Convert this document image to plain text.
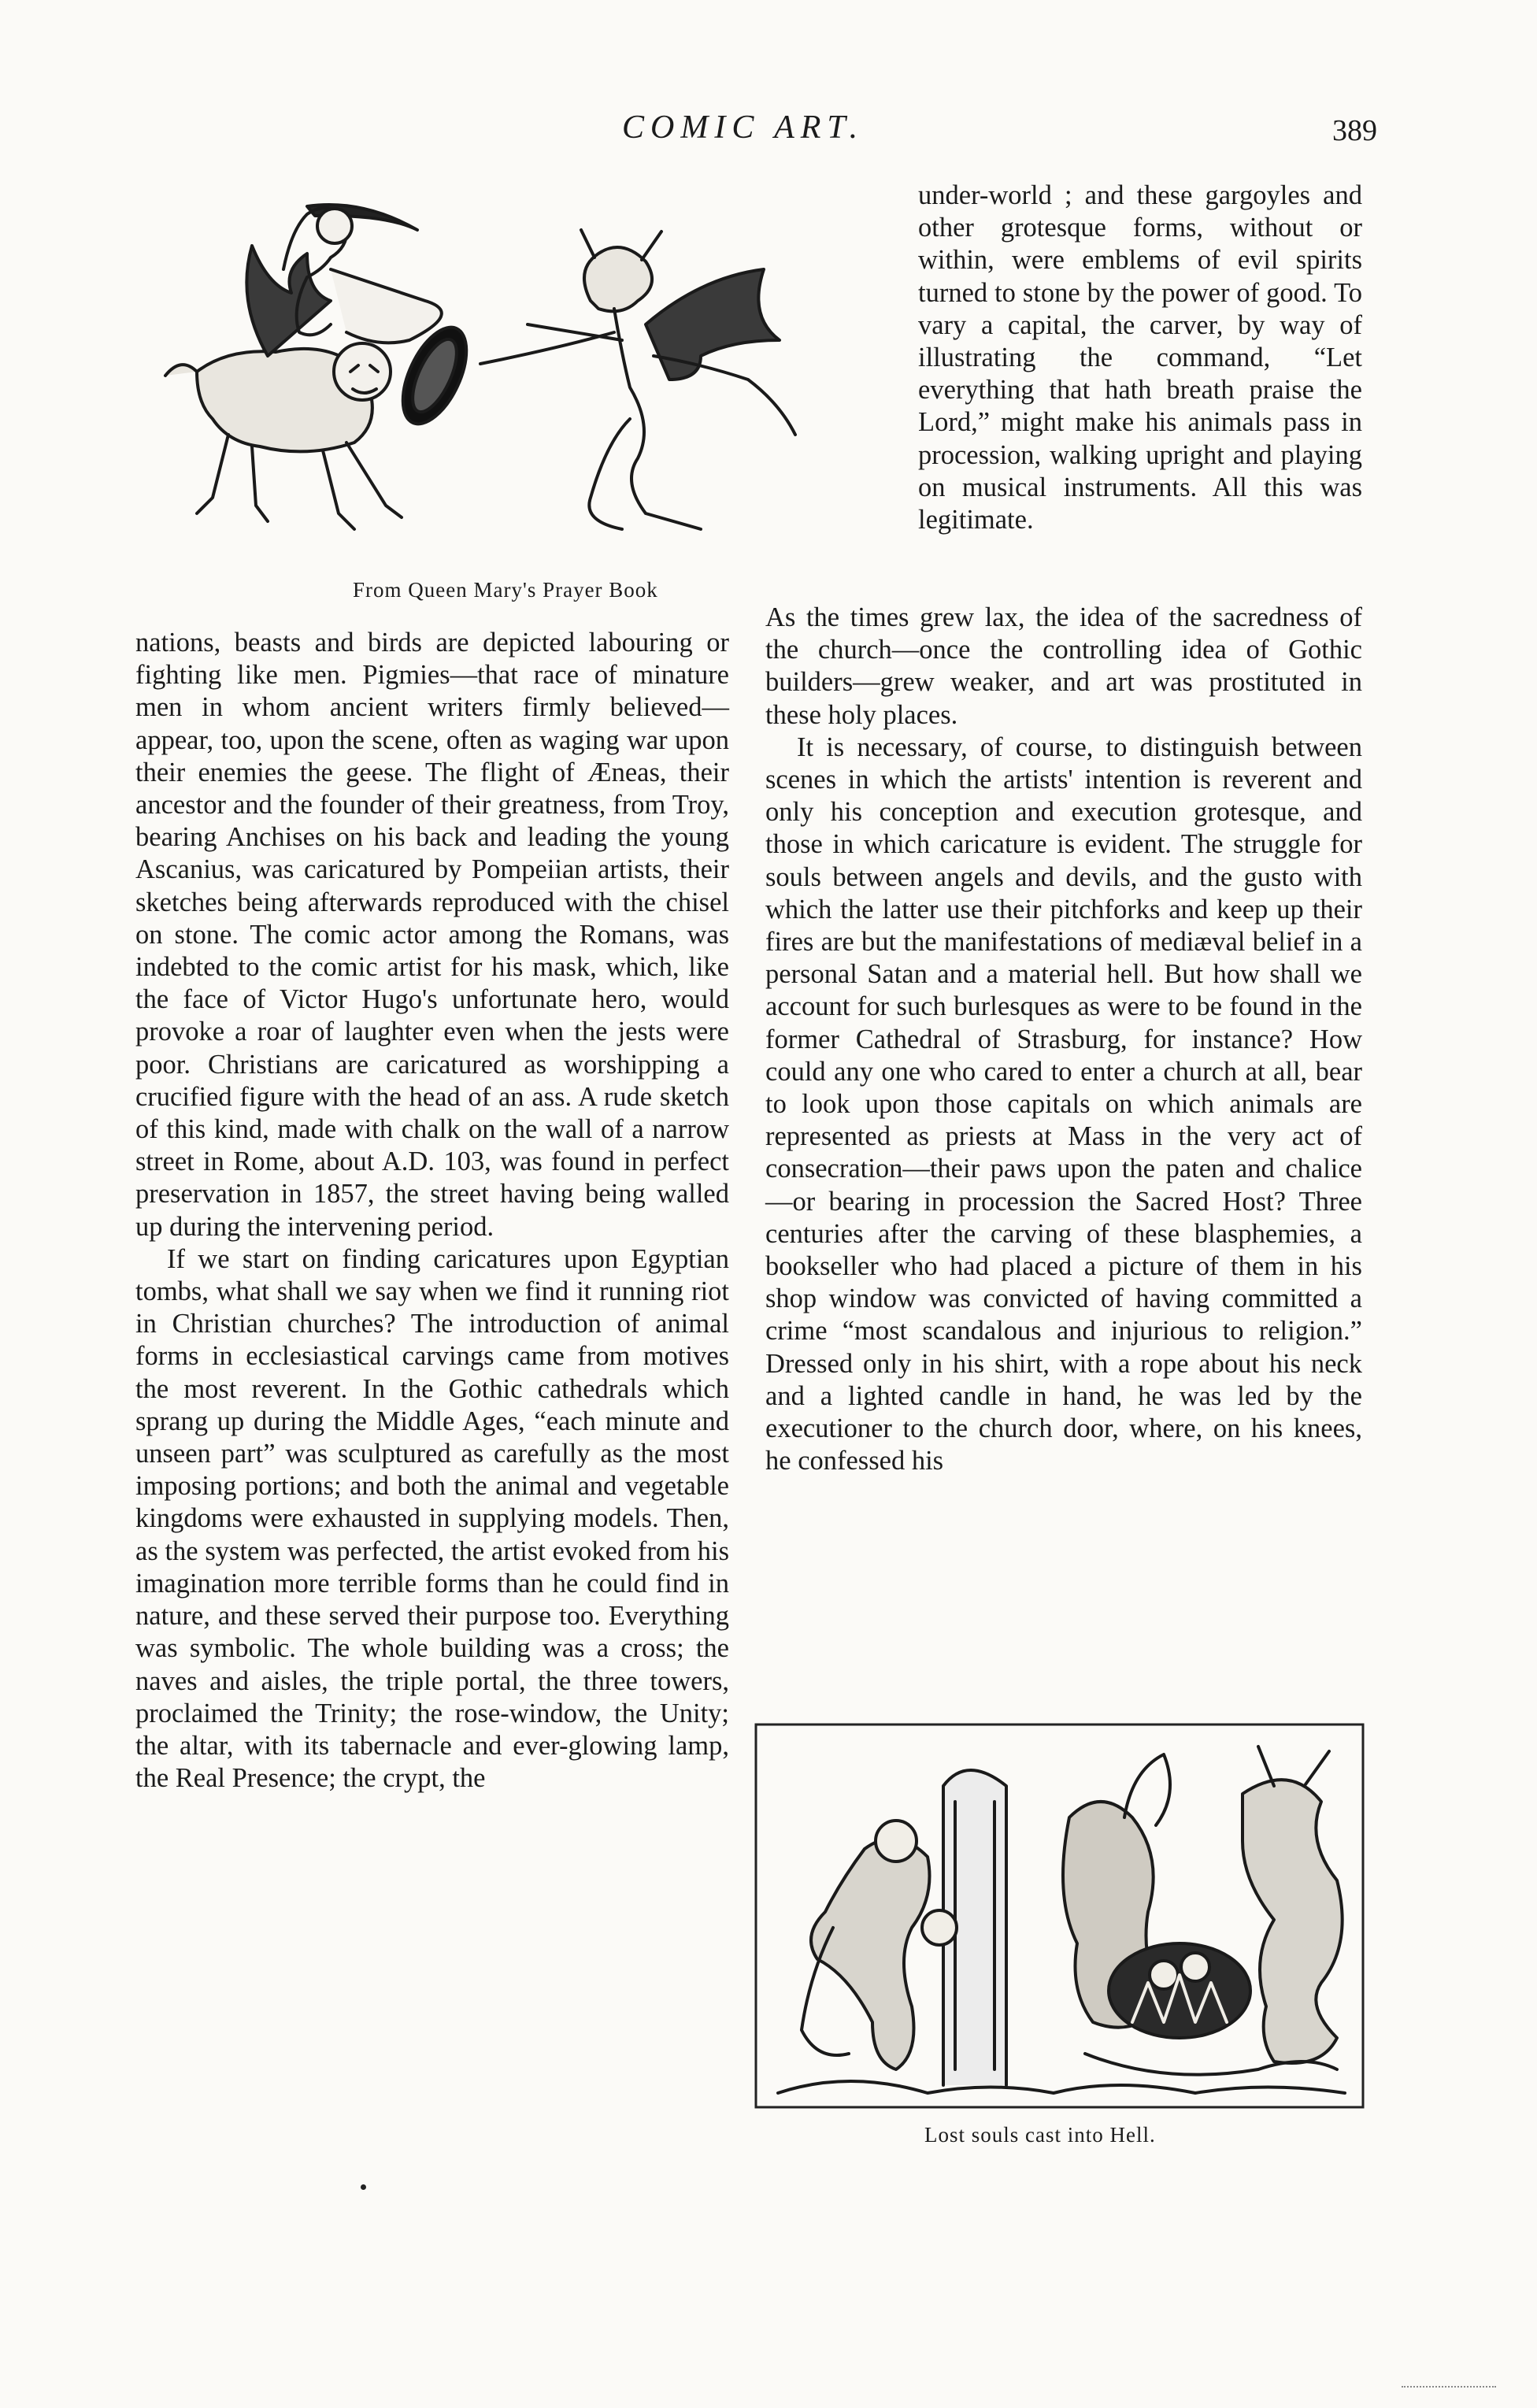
COMIC ART.	389
From Queen Mary's Prayer Book

under-world ; and these gargoyles and other grotesque forms, without or within, were emblems of evil spirits turned to stone by the power of good. To vary a capital, the carver, by way of illustrating the command, “Let everything that hath breath praise the Lord,” might make his animals pass in procession, walking upright and playing on musical instruments. All this was legitimate.

nations, beasts and birds are depicted labouring or fighting like men. Pigmies—that race of minature men in whom ancient writers firmly believed—appear, too, upon the scene, often as waging war upon their enemies the geese. The flight of Æneas, their ancestor and the founder of their greatness, from Troy, bearing Anchises on his back and leading the young Ascanius, was caricatured by Pompeiian artists, their sketches being afterwards reproduced with the chisel on stone. The comic actor among the Romans, was indebted to the comic artist for his mask, which, like the face of Victor Hugo's unfortunate hero, would provoke a roar of laughter even when the jests were poor. Christians are caricatured as worshipping a crucified figure with the head of an ass. A rude sketch of this kind, made with chalk on the wall of a narrow street in Rome, about A.D. 103, was found in perfect preservation in 1857, the street having being walled up during the intervening period.

If we start on finding caricatures upon Egyptian tombs, what shall we say when we find it running riot in Christian churches? The introduction of animal forms in ecclesiastical carvings came from motives the most reverent. In the Gothic cathedrals which sprang up during the Middle Ages, “each minute and unseen part” was sculptured as carefully as the most imposing portions; and both the animal and vegetable kingdoms were exhausted in supplying models. Then, as the system was perfected, the artist evoked from his imagination more terrible forms than he could find in nature, and these served their purpose too. Everything was symbolic. The whole building was a cross; the naves and aisles, the triple portal, the three towers, proclaimed the Trinity; the rose-window, the Unity; the altar, with its tabernacle and ever-glowing lamp, the Real Presence; the crypt, the

As the times grew lax, the idea of the sacredness of the church—once the controlling idea of Gothic builders—grew weaker, and art was prostituted in these holy places.

It is necessary, of course, to distinguish between scenes in which the artists' intention is reverent and only his conception and execution grotesque, and those in which caricature is evident. The struggle for souls between angels and devils, and the gusto with which the latter use their pitchforks and keep up their fires are but the manifestations of mediæval belief in a personal Satan and a material hell. But how shall we account for such burlesques as were to be found in the former Cathedral of Strasburg, for instance? How could any one who cared to enter a church at all, bear to look upon those capitals on which animals are represented as priests at Mass in the very act of consecration—their paws upon the paten and chalice—or bearing in procession the Sacred Host? Three centuries after the carving of these blasphemies, a bookseller who had placed a picture of them in his shop window was convicted of having committed a crime “most scandalous and injurious to religion.” Dressed only in his shirt, with a rope about his neck and a lighted candle in hand, he was led by the executioner to the church door, where, on his knees, he confessed his

Lost souls cast into Hell.
